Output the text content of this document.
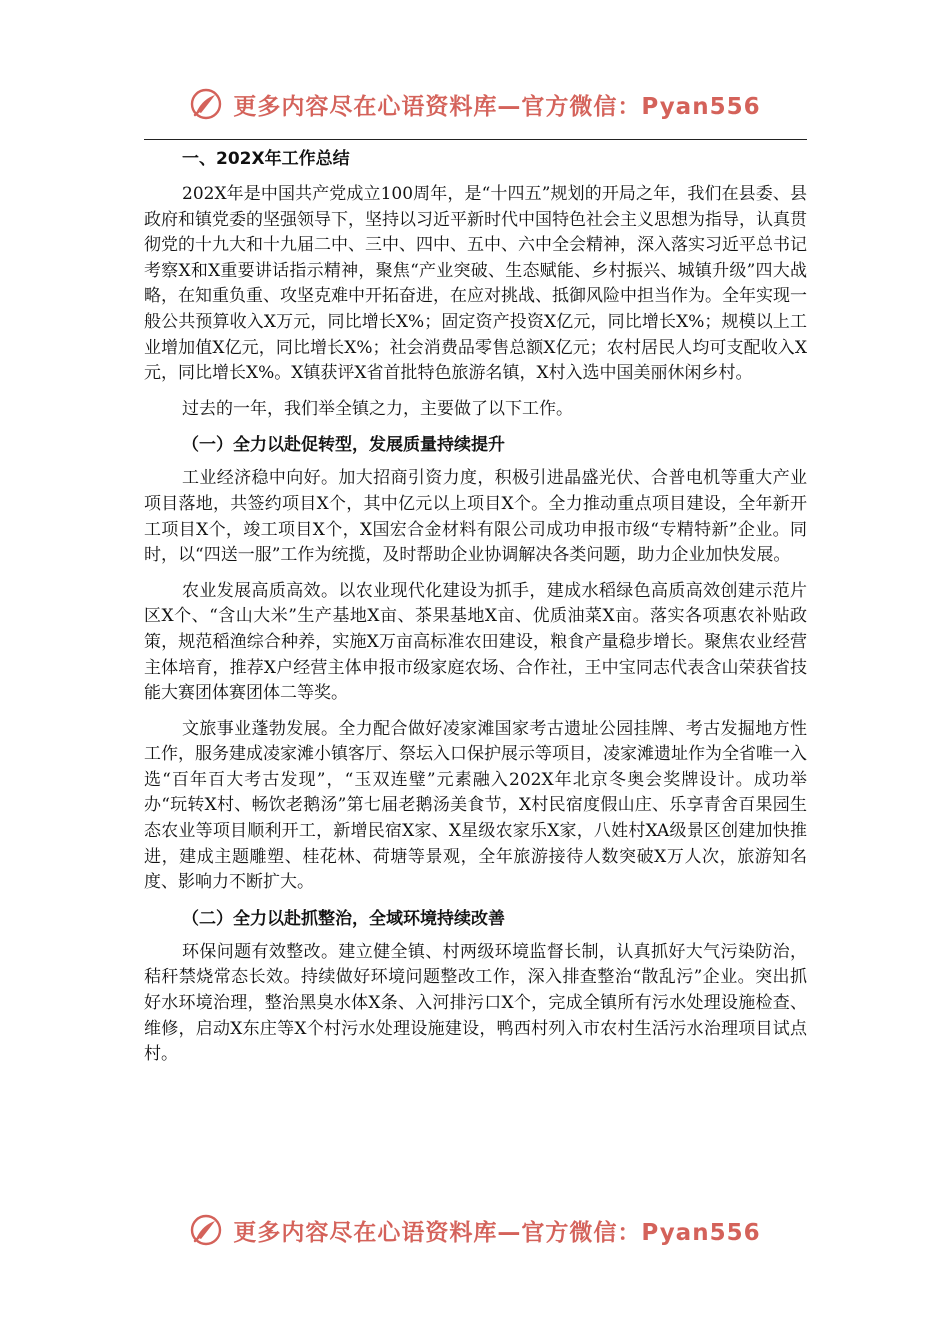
更多内容尽在心语资料库—官方微信：Pyan556
一、202X年工作总结

202X年是中国共产党成立100周年，是“十四五”规划的开局之年，我们在县委、县政府和镇党委的坚强领导下，坚持以习近平新时代中国特色社会主义思想为指导，认真贯彻党的十九大和十九届二中、三中、四中、五中、六中全会精神，深入落实习近平总书记考察X和X重要讲话指示精神，聚焦“产业突破、生态赋能、乡村振兴、城镇升级”四大战略，在知重负重、攻坚克难中开拓奋进，在应对挑战、抵御风险中担当作为。全年实现一般公共预算收入X万元，同比增长X%；固定资产投资X亿元，同比增长X%；规模以上工业增加值X亿元，同比增长X%；社会消费品零售总额X亿元；农村居民人均可支配收入X元，同比增长X%。X镇获评X省首批特色旅游名镇，X村入选中国美丽休闲乡村。

过去的一年，我们举全镇之力，主要做了以下工作。

（一）全力以赴促转型，发展质量持续提升

工业经济稳中向好。加大招商引资力度，积极引进晶盛光伏、合普电机等重大产业项目落地，共签约项目X个，其中亿元以上项目X个。全力推动重点项目建设，全年新开工项目X个，竣工项目X个，X国宏合金材料有限公司成功申报市级“专精特新”企业。同时，以“四送一服”工作为统揽，及时帮助企业协调解决各类问题，助力企业加快发展。

农业发展高质高效。以农业现代化建设为抓手，建成水稻绿色高质高效创建示范片区X个、“含山大米”生产基地X亩、茶果基地X亩、优质油菜X亩。落实各项惠农补贴政策，规范稻渔综合种养，实施X万亩高标准农田建设，粮食产量稳步增长。聚焦农业经营主体培育，推荐X户经营主体申报市级家庭农场、合作社，王中宝同志代表含山荣获省技能大赛团体赛团体二等奖。

文旅事业蓬勃发展。全力配合做好凌家滩国家考古遗址公园挂牌、考古发掘地方性工作，服务建成凌家滩小镇客厅、祭坛入口保护展示等项目，凌家滩遗址作为全省唯一入选“百年百大考古发现”，“玉双连璧”元素融入202X年北京冬奥会奖牌设计。成功举办“玩转X村、畅饮老鹅汤”第七届老鹅汤美食节，X村民宿度假山庄、乐享青舍百果园生态农业等项目顺利开工，新增民宿X家、X星级农家乐X家，八姓村XA级景区创建加快推进，建成主题雕塑、桂花林、荷塘等景观，全年旅游接待人数突破X万人次，旅游知名度、影响力不断扩大。

（二）全力以赴抓整治，全域环境持续改善

环保问题有效整改。建立健全镇、村两级环境监督长制，认真抓好大气污染防治，秸秆禁烧常态长效。持续做好环境问题整改工作，深入排查整治“散乱污”企业。突出抓好水环境治理，整治黑臭水体X条、入河排污口X个，完成全镇所有污水处理设施检查、维修，启动X东庄等X个村污水处理设施建设，鸭西村列入市农村生活污水治理项目试点村。

更多内容尽在心语资料库—官方微信：Pyan556
